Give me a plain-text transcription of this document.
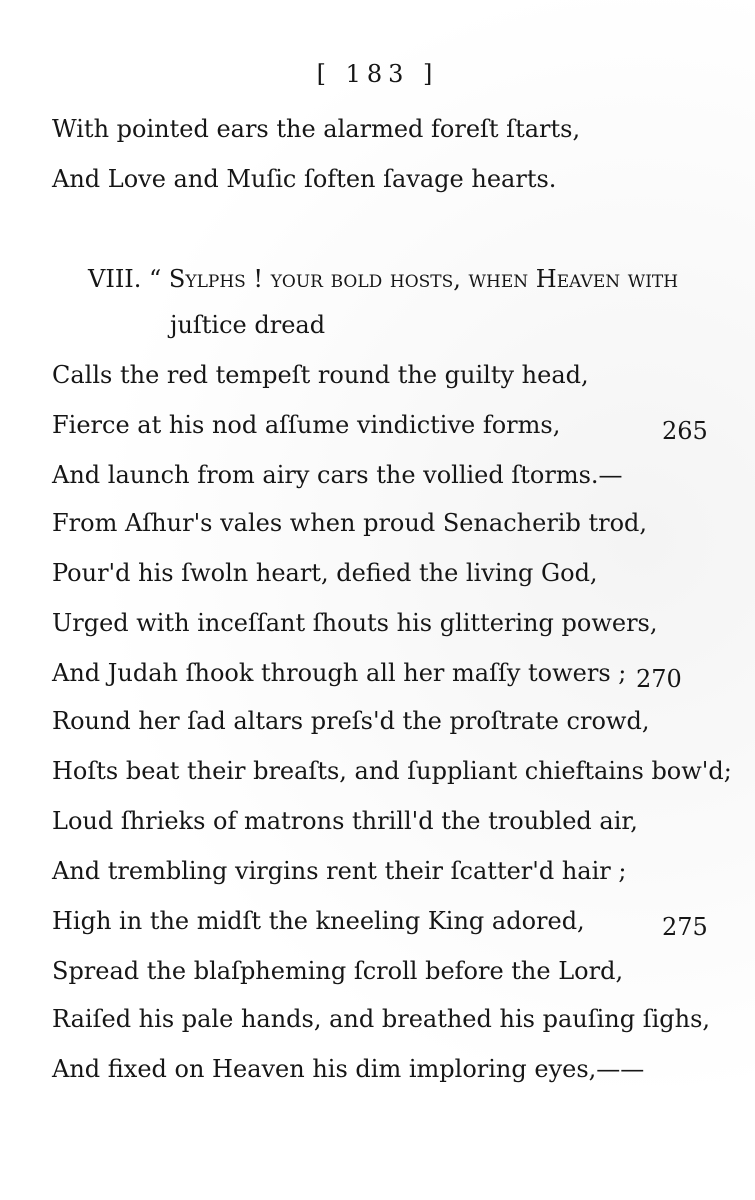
[ 183 ]
With pointed ears the alarmed foreſt ſtarts,
And Love and Muſic ſoften ſavage hearts.
VIII. “ Sylphs ! your bold hoſts, when Heaven with
juſtice dread
Calls the red tempeſt round the guilty head,
Fierce at his nod aſſume vindictive forms,	265
And launch from airy cars the vollied ſtorms.—
From Aſhur's vales when proud Senacherib trod,
Pour'd his ſwoln heart, defied the living God,
Urged with inceſſant ſhouts his glittering powers,
And Judah ſhook through all her maſſy towers ; 270
Round her ſad altars preſs'd the proſtrate crowd,
Hoſts beat their breaſts, and ſuppliant chieftains bow'd;
Loud ſhrieks of matrons thrill'd the troubled air,
And trembling virgins rent their ſcatter'd hair ;
High in the midſt the kneeling King adored,	275
Spread the blaſpheming ſcroll before the Lord,
Raiſed his pale hands, and breathed his pauſing ſighs,
And fixed on Heaven his dim imploring eyes,——
